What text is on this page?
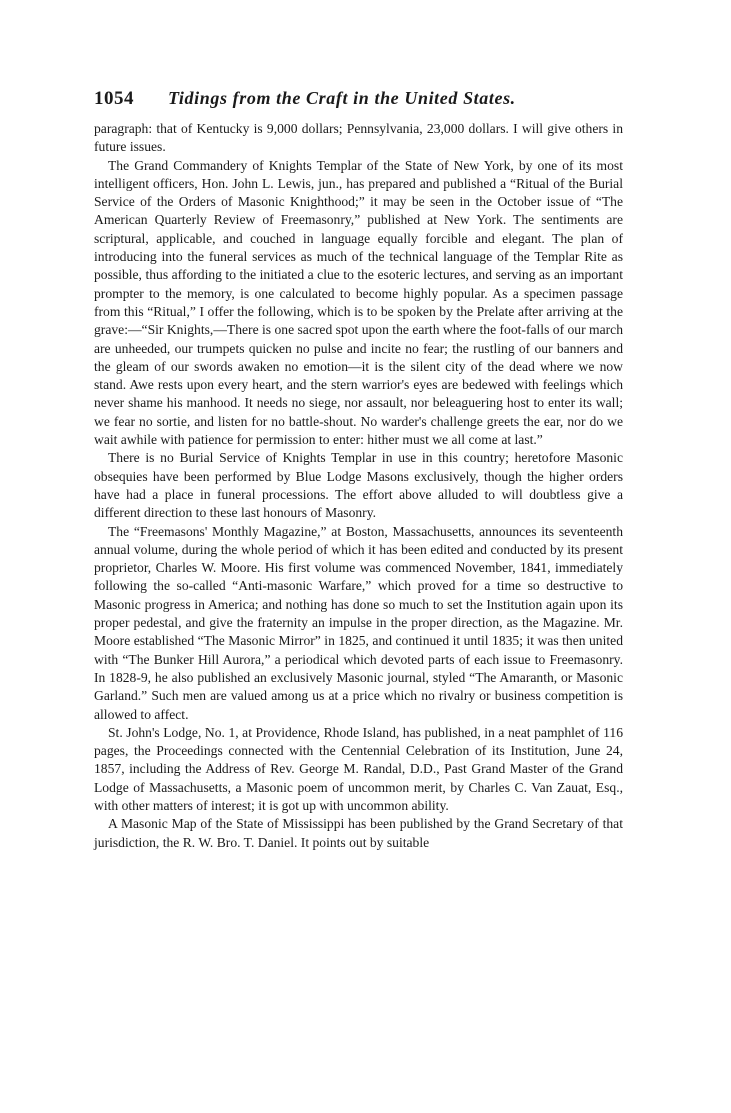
1054 Tidings from the Craft in the United States.

paragraph: that of Kentucky is 9,000 dollars; Pennsylvania, 23,000 dollars. I will give others in future issues.

The Grand Commandery of Knights Templar of the State of New York, by one of its most intelligent officers, Hon. John L. Lewis, jun., has prepared and published a “Ritual of the Burial Service of the Orders of Masonic Knighthood;” it may be seen in the October issue of “The American Quarterly Review of Freemasonry,” published at New York. The sentiments are scriptural, applicable, and couched in language equally forcible and elegant. The plan of introducing into the funeral services as much of the technical language of the Templar Rite as possible, thus affording to the initiated a clue to the esoteric lectures, and serving as an important prompter to the memory, is one calculated to become highly popular. As a specimen passage from this “Ritual,” I offer the following, which is to be spoken by the Prelate after arriving at the grave:—“Sir Knights,—There is one sacred spot upon the earth where the foot-falls of our march are unheeded, our trumpets quicken no pulse and incite no fear; the rustling of our banners and the gleam of our swords awaken no emotion—it is the silent city of the dead where we now stand. Awe rests upon every heart, and the stern warrior's eyes are bedewed with feelings which never shame his manhood. It needs no siege, nor assault, nor beleaguering host to enter its wall; we fear no sortie, and listen for no battle-shout. No warder's challenge greets the ear, nor do we wait awhile with patience for permission to enter: hither must we all come at last.”

There is no Burial Service of Knights Templar in use in this country; heretofore Masonic obsequies have been performed by Blue Lodge Masons exclusively, though the higher orders have had a place in funeral processions. The effort above alluded to will doubtless give a different direction to these last honours of Masonry.

The “Freemasons' Monthly Magazine,” at Boston, Massachusetts, announces its seventeenth annual volume, during the whole period of which it has been edited and conducted by its present proprietor, Charles W. Moore. His first volume was commenced November, 1841, immediately following the so-called “Anti-masonic Warfare,” which proved for a time so destructive to Masonic progress in America; and nothing has done so much to set the Institution again upon its proper pedestal, and give the fraternity an impulse in the proper direction, as the Magazine. Mr. Moore established “The Masonic Mirror” in 1825, and continued it until 1835; it was then united with “The Bunker Hill Aurora,” a periodical which devoted parts of each issue to Freemasonry. In 1828-9, he also published an exclusively Masonic journal, styled “The Amaranth, or Masonic Garland.” Such men are valued among us at a price which no rivalry or business competition is allowed to affect.

St. John's Lodge, No. 1, at Providence, Rhode Island, has published, in a neat pamphlet of 116 pages, the Proceedings connected with the Centennial Celebration of its Institution, June 24, 1857, including the Address of Rev. George M. Randal, D.D., Past Grand Master of the Grand Lodge of Massachusetts, a Masonic poem of uncommon merit, by Charles C. Van Zauat, Esq., with other matters of interest; it is got up with uncommon ability.

A Masonic Map of the State of Mississippi has been published by the Grand Secretary of that jurisdiction, the R. W. Bro. T. Daniel. It points out by suitable
